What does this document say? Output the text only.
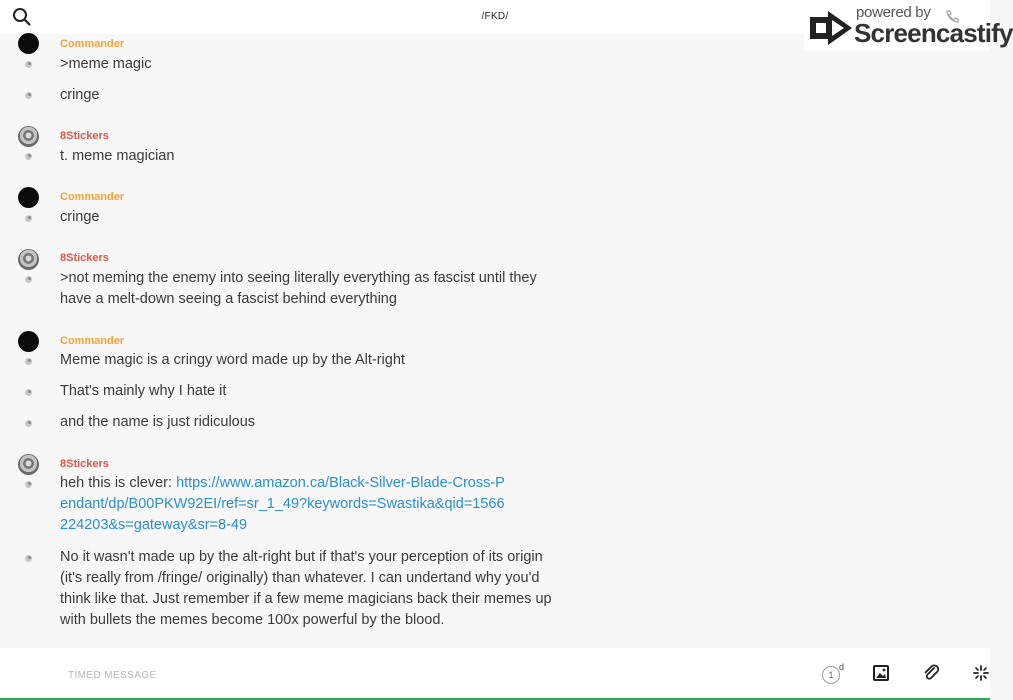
/FKD/	powered by
Screencastify
Commander
>meme magic
cringe
8Stickers
t. meme magician
Commander
cringe
8Stickers
>not meming the enemy into seeing literally everything as fascist until they have a melt-down seeing a fascist behind everything
Commander
Meme magic is a cringy word made up by the Alt-right
That's mainly why I hate it
and the name is just ridiculous
8Stickers
heh this is clever: https://www.amazon.ca/Black-Silver-Blade-Cross-Pendant/dp/B00PKW92EI/ref=sr_1_49?keywords=Swastika&qid=1566224203&s=gateway&sr=8-49
No it wasn't made up by the alt-right but if that's your perception of its origin (it's really from /fringe/ originally) than whatever. I can undertand why you'd think like that. Just remember if a few meme magicians back their memes up with bullets the memes become 100x powerful by the blood.
TIMED MESSAGE
1
d
